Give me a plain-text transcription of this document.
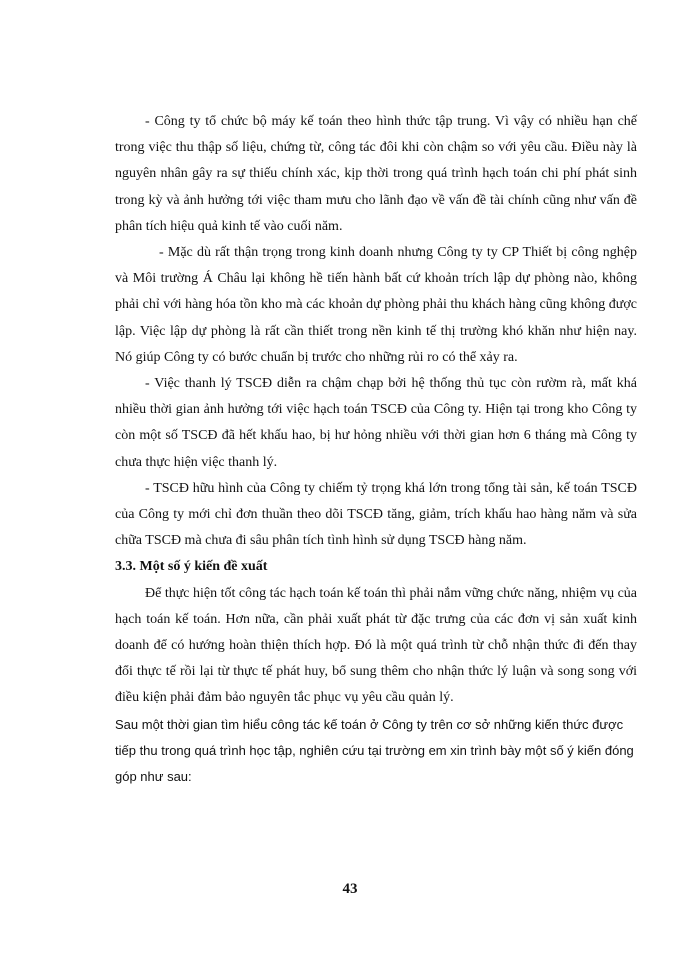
- Công ty tổ chức bộ máy kế toán theo hình thức tập trung. Vì vậy có nhiều hạn chế trong việc thu thập số liệu, chứng từ, công tác đôi khi còn chậm so với yêu cầu. Điều này là nguyên nhân gây ra sự thiếu chính xác, kịp thời trong quá trình hạch toán chi phí phát sinh trong kỳ và ảnh hưởng tới việc tham mưu cho lãnh đạo về vấn đề tài chính cũng như vấn đề phân tích hiệu quả kinh tế vào cuối năm.

- Mặc dù rất thận trọng trong kinh doanh nhưng Công ty ty CP Thiết bị công nghệp và Môi trường Á Châu lại không hề tiến hành bất cứ khoản trích lập dự phòng nào, không phải chỉ với hàng hóa tồn kho mà các khoản dự phòng phải thu khách hàng cũng không được lập. Việc lập dự phòng là rất cần thiết trong nền kinh tế thị trường khó khăn như hiện nay. Nó giúp Công ty có bước chuẩn bị trước cho những rủi ro có thể xảy ra.

- Việc thanh lý TSCĐ diễn ra chậm chạp bởi hệ thống thủ tục còn rườm rà, mất khá nhiều thời gian ảnh hưởng tới việc hạch toán TSCĐ của Công ty. Hiện tại trong kho Công ty còn một số TSCĐ đã hết khấu hao, bị hư hỏng nhiều với thời gian hơn 6 tháng mà Công ty chưa thực hiện việc thanh lý.

- TSCĐ hữu hình của Công ty chiếm tỷ trọng khá lớn trong tổng tài sản, kế toán TSCĐ của Công ty mới chỉ đơn thuần theo dõi TSCĐ tăng, giảm, trích khấu hao hàng năm và sửa chữa TSCĐ mà chưa đi sâu phân tích tình hình sử dụng TSCĐ hàng năm.

3.3. Một số ý kiến đề xuất

Để thực hiện tốt công tác hạch toán kế toán thì phải nắm vững chức năng, nhiệm vụ của hạch toán kế toán. Hơn nữa, cần phải xuất phát từ đặc trưng của các đơn vị sản xuất kinh doanh để có hướng hoàn thiện thích hợp. Đó là một quá trình từ chỗ nhận thức đi đến thay đổi thực tế rồi lại từ thực tế phát huy, bổ sung thêm cho nhận thức lý luận và song song với điều kiện phải đảm bảo nguyên tắc phục vụ yêu cầu quản lý.

Sau một thời gian tìm hiểu công tác kế toán ở Công ty trên cơ sở những kiến thức được tiếp thu trong quá trình học tập, nghiên cứu tại trường em xin trình bày một số ý kiến đóng góp như sau:

43
